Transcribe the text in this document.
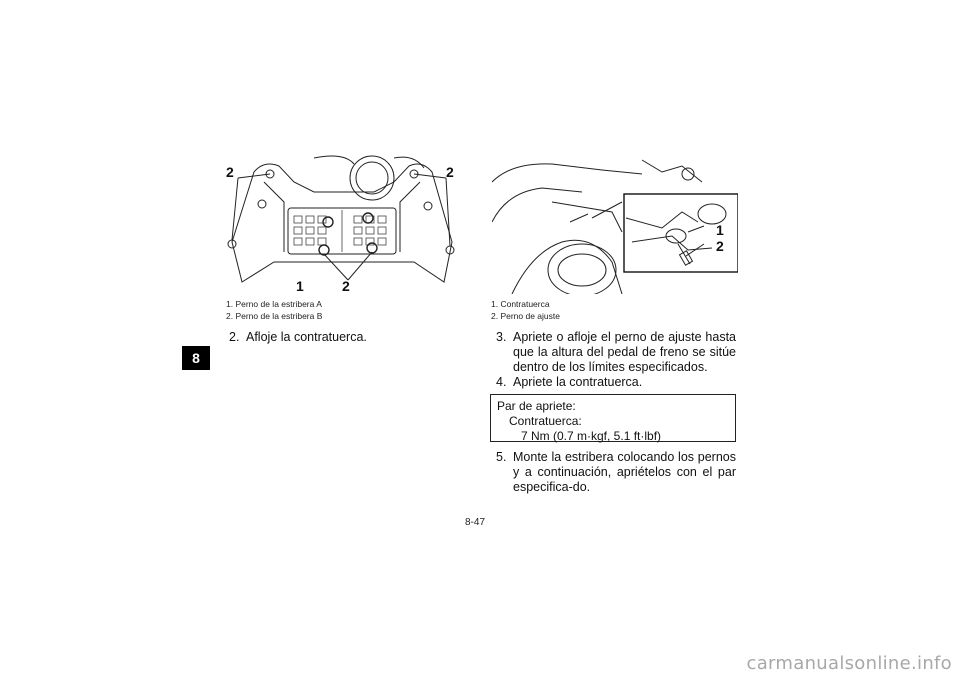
8
2	2
1	2
1. Perno de la estribera A
2. Perno de la estribera B
2. Afloje la contratuerca.
1
2
1. Contratuerca
2. Perno de ajuste
3. Apriete o afloje el perno de ajuste hasta que la altura del pedal de freno se sitúe dentro de los límites especificados.
4. Apriete la contratuerca.
Par de apriete:
Contratuerca:
7 Nm (0.7 m·kgf, 5.1 ft·lbf)
5. Monte la estribera colocando los pernos y a continuación, apriételos con el par especifica-do.
8-47
carmanualsonline.info
